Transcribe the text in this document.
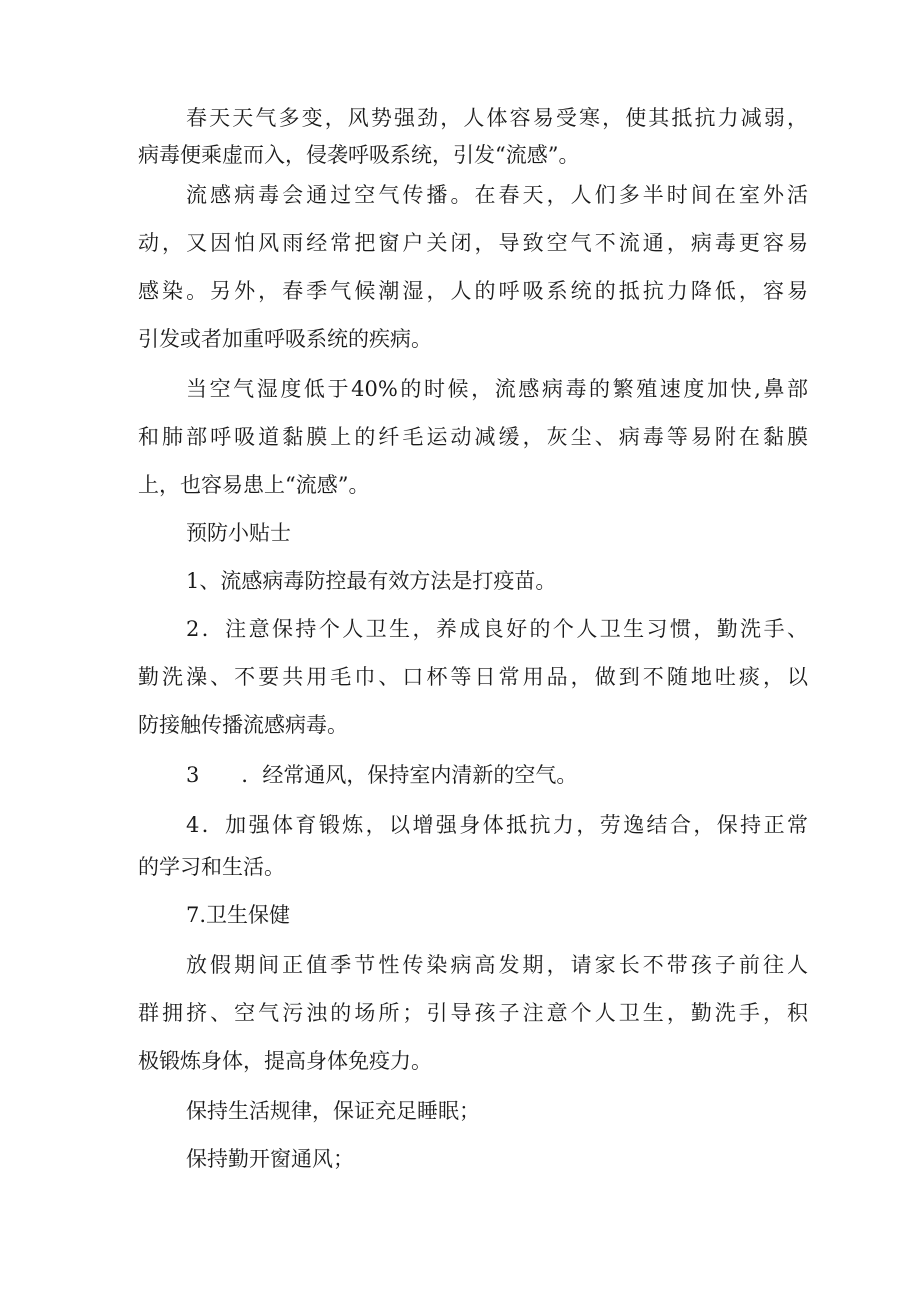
春天天气多变，风势强劲，人体容易受寒，使其抵抗力减弱，
病毒便乘虚而入，侵袭呼吸系统，引发“流感”。
流感病毒会通过空气传播。在春天，人们多半时间在室外活
动，又因怕风雨经常把窗户关闭，导致空气不流通，病毒更容易
感染。另外，春季气候潮湿，人的呼吸系统的抵抗力降低，容易
引发或者加重呼吸系统的疾病。
当空气湿度低于40%的时候，流感病毒的繁殖速度加快,鼻部
和肺部呼吸道黏膜上的纤毛运动减缓，灰尘、病毒等易附在黏膜
上，也容易患上“流感”。
预防小贴士
1、流感病毒防控最有效方法是打疫苗。
2．注意保持个人卫生，养成良好的个人卫生习惯，勤洗手、
勤洗澡、不要共用毛巾、口杯等日常用品，做到不随地吐痰，以
防接触传播流感病毒。
3　　．经常通风，保持室内清新的空气。
4．加强体育锻炼，以增强身体抵抗力，劳逸结合，保持正常
的学习和生活。
7.卫生保健
放假期间正值季节性传染病高发期，请家长不带孩子前往人
群拥挤、空气污浊的场所；引导孩子注意个人卫生，勤洗手，积
极锻炼身体，提高身体免疫力。
保持生活规律，保证充足睡眠；
保持勤开窗通风；
